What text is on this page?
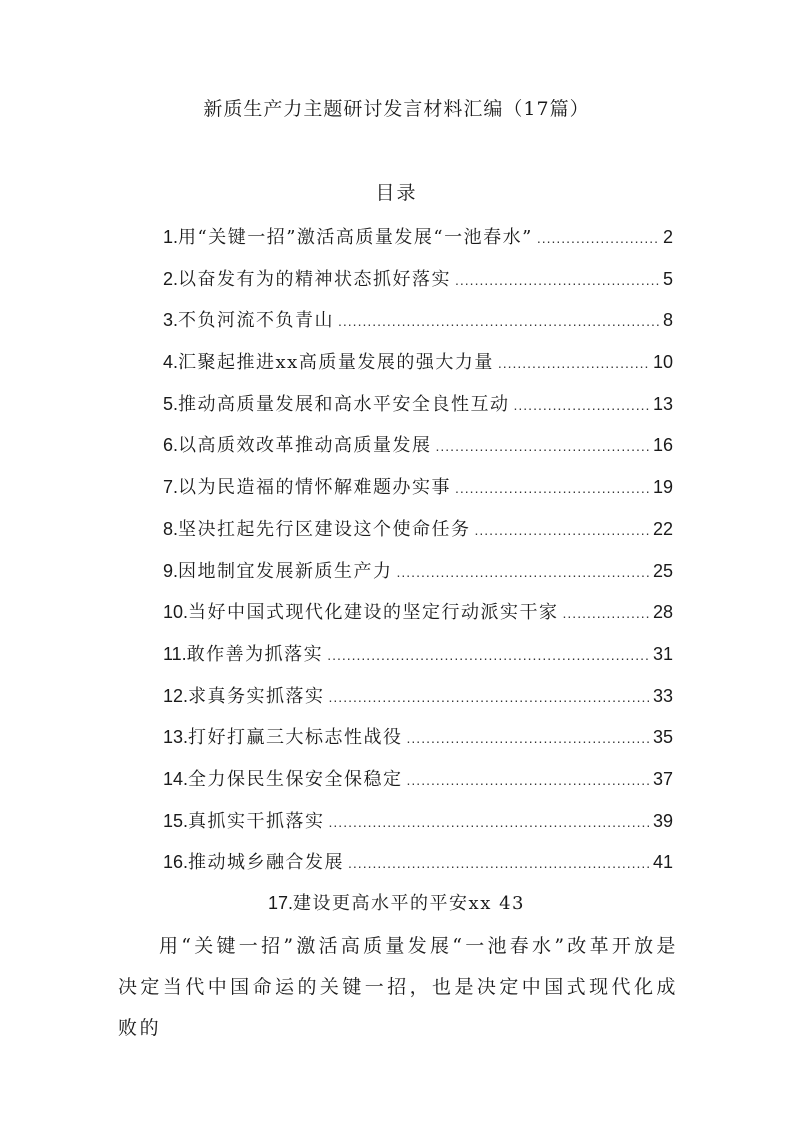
新质生产力主题研讨发言材料汇编（17篇）
目录
1. 用“关键一招”激活高质量发展“一池春水” .....	2
2. 以奋发有为的精神状态抓好落实 .....	5
3. 不负河流不负青山 .....	8
4. 汇聚起推进xx高质量发展的强大力量 .....	10
5. 推动高质量发展和高水平安全良性互动 .....	13
6. 以高质效改革推动高质量发展 .....	16
7. 以为民造福的情怀解难题办实事 .....	19
8. 坚决扛起先行区建设这个使命任务 .....	22
9. 因地制宜发展新质生产力 .....	25
10. 当好中国式现代化建设的坚定行动派实干家 .....	28
11. 敢作善为抓落实 .....	31
12. 求真务实抓落实 .....	33
13. 打好打赢三大标志性战役 .....	35
14. 全力保民生保安全保稳定 .....	37
15. 真抓实干抓落实 .....	39
16. 推动城乡融合发展 .....	41
17.建设更高水平的平安xx 43

用“关键一招”激活高质量发展“一池春水”改革开放是决定当代中国命运的关键一招，也是决定中国式现代化成败的
